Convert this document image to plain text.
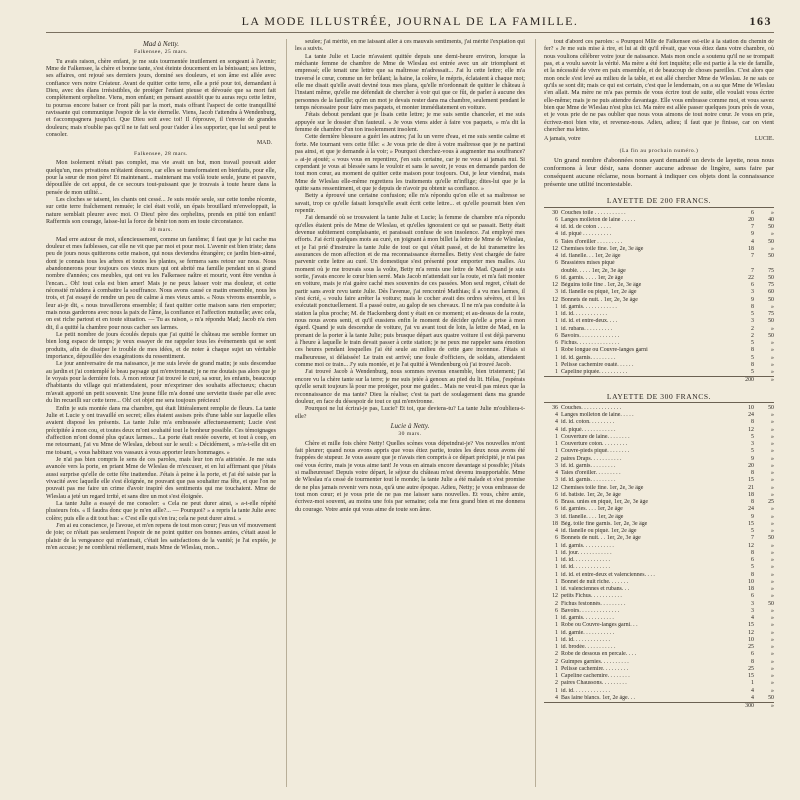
LA MODE ILLUSTRÉE, JOURNAL DE LA FAMILLE.	163

Mad à Netty.

Falkensee, 25 mars.

Tu avais raison, chère enfant, je me suis tourmentée inutilement en songeant à l'avenir; Mme de Falkensee, la chère et bonne tante, s'est éteinte doucement en la bénissant; ses lettres, ses affaires, ont rejoué ses derniers jours, dominé ses douleurs, et son âme est allée avec confiance vers notre Créateur. Avant de quitter cette terre, elle a prié pour toi, demandant à Dieu, avec des élans irrésistibles, de protéger l'enfant pieuse et dévouée que sa mort fait complètement orpheline. Viens, mon enfant; en pensant aussitôt que tu auras reçu cette lettre, tu pourras encore baiser ce front pâli par la mort, mais offrant l'aspect de cette tranquillité ravissante qui communique l'espoir de la vie éternelle. Viens, Jacob t'attendra à Wendenburg, et t'accompagnera jusqu'ici. Que Dieu soit avec toi! Il t'éprouve, il t'envoie de grandes douleurs; mais n'oublie pas qu'il ne te fait seul pour t'aider à les supporter, que lui seul peut te consoler.

MAD.

Falkensee, 28 mars.

Mon isolement n'était pas complet, ma vie avait un but, mon travail pouvait aider quelqu'un, mes privations m'étaient douces, car elles se transformaient en bienfaits, pour elle, pour la sœur de mon père! Et maintenant... maintenant ma voilà toute seule, jeune et pauvre, dépouillée de cet appui, de ce secours tout-puissant que je trouvais à toute heure dans la pensée de mon utilité...

Les cloches se taisent, les chants ont cessé... Je suis restée seule, sur cette tombe récente, sur cette terre fraîchement remuée; le ciel était voilé, un épais brouillard m'enveloppait, la nature semblait pleurer avec moi. O Dieu! père des orphelins, prends en pitié ton enfant! Raffermis son courage, laisse-lui la force de bénir ton nom en toute circonstance.

30 mars.

Mad erre autour de moi, silencieusement, comme un fantôme; il faut que je lui cache ma douleur et mes faiblesses, car elle ne vit que par moi et pour moi. L'avenir est bien triste; dans peu de jours nous quitterons cette maison, qui nous deviendra étrangère; ce jardin bien-aimé, dont je connais tous les arbres et toutes les plantes, se fermera sans retour sur nous. Nous abandonnerons pour toujours ces vieux murs qui ont abrité ma famille pendant un si grand nombre d'années; ces meubles, qui ont vu les Falkensee naître et mourir, vont être vendus à l'encan... Oh! tout cela est bien amer! Mais je ne peux laisser voir ma douleur, et cette nécessité m'aidera à combattre la souffrance. Nous avons causé ce matin ensemble, nous les trois, et j'ai essayé de rendre un peu de calme à mes vieux amis. « Nous vivrons ensemble, » leur ai-je dit, « nous travaillerons ensemble; il faut quitter cette maison sans rien emporter; mais nous garderons avec nous la paix de l'âme, la confiance et l'affection mutuelle; avec cela, on est riche partout et en toute situation. — Tu as raison, » m'a répondu Mad; Jacob n'a rien dit, il a quitté la chambre pour nous cacher ses larmes.

Le petit nombre de jours écoulés depuis que j'ai quitté le château me semble former un bien long espace de temps; je veux essayer de me rappeler tous les événements qui se sont produits, afin de dissiper le trouble de mes idées, et de noter à chaque sujet un véritable importance, dépouillée des exagérations du ressentiment.

Le jour anniversaire de ma naissance, je me suis levée de grand matin; je suis descendue au jardin et j'ai contemplé le beau paysage qui m'environnait; je ne me doutais pas alors que je le voyais pour la dernière fois. À mon retour j'ai trouvé le curé, sa sœur, les enfants, beaucoup d'habitants du village qui m'attendaient, pour m'exprimer des souhaits affectueux; chacun m'avait apporté un petit souvenir. Une jeune fille m'a donné une serviette tissée par elle avec du lin recueilli sur cette terre... Oh! cet objet me sera toujours précieux!

Enfin je suis montée dans ma chambre, qui était littéralement remplie de fleurs. La tante Julie et Lucie y ont travaillé en secret; elles étaient assises près d'une table sur laquelle elles avaient disposé les présents. La tante Julie m'a embrassée affectueusement; Lucie s'est précipitée à mon cou, et toutes deux m'ont souhaité tout le bonheur possible. Ces témoignages d'affection m'ont donné plus qu'aux larmes... La porte était restée ouverte, et tout à coup, en me retournant, j'ai vu Mme de Wleslau, debout sur le seuil: « Décidément, » m'a-t-elle dit en me toisant, « vous habituez vos vassaux à vous apporter leurs hommages. »

Je n'ai pas bien compris le sens de ces paroles, mais leur ton m'a attristée. Je me suis avancée vers la porte, en priant Mme de Wleslau de m'excuser, et en lui affirmant que j'étais aussi surprise qu'elle de cette fête inattendue. J'étais à peine à la porte, et j'ai été saisie par la vivacité avec laquelle elle s'est éloignée, ne pouvant que pas souhaiter ma fête, et que l'on ne pouvait pas me faire un crime d'avoir inspiré des sentiments qui me touchaient. Mme de Wleslau a jeté un regard irrité, et sans dire un mot s'est éloignée.

La tante Julie a essayé de me consoler: « Cela ne peut durer ainsi, » a-t-elle répété plusieurs fois. « Il faudra donc que je m'en aille?... — Pourquoi? » a repris la tante Julie avec colère; puis elle a dit tout bas: « C'est elle qui s'en ira; cela ne peut durer ainsi. »

J'en ai eu conscience, je l'avoue, et m'en repens de tout mon cœur; j'eus un vif mouvement de joie; ce n'était pas seulement l'espoir de ne point quitter ces bonnes amies, c'était aussi le plaisir de la vengeance qui m'animait, c'était les satisfactions de la vanité; je l'ai expiée, je m'en accuse; je ne comblerai réellement, mais Mme de Wleslau, mon...

seulee; j'ai mérité, en me laissant aller à ces mauvais sentiments, j'ai mérité l'expiation qui les a suivis.

La tante Julie et Lucie m'avaient quittée depuis une demi-heure environ, lorsque la méchante femme de chambre de Mme de Wleslau est entrée avec un air triomphant et empressé; elle tenait une lettre que sa maîtresse m'adressait... J'ai lu cette lettre; elle m'a traversé le cœur, comme un fer brûlant; la haine, la colère, le mépris, éclataient à chaque mot; elle me disait qu'elle avait deviné tous mes plans, qu'elle m'ordonnait de quitter le château à l'instant même, qu'elle me défendait de chercher à voir qui que ce fût, de parler à aucune des personnes de la famille; qu'en un mot je devais rester dans ma chambre, seulement pendant le temps nécessaire pour faire mes paquets, et monter immédiatement en voiture.

J'étais debout pendant que je lisais cette lettre; je me suis sentie chanceler, et me suis appuyée sur le dossier d'un fauteuil. « Je vous viens aider à faire vos paquets, » m'a dit la femme de chambre d'un ton insolemment insolent.

Cette dernière blessure a guéri les autres; j'ai lu un verre d'eau, et me suis sentie calme et forte. Me tournant vers cette fille: « Je vous prie de dire à votre maîtresse que je ne partirai pas ainsi, et que je demande à la voir; » Pourquoi cherchez-vous à augmenter ma souffrance? » ai-je ajouté; « vous vous en repentirez, j'en suis certaine, car je ne vous ai jamais nui. Si cependant je vous ai blessée sans le vouloir et sans le savoir, je vous en demande pardon de tout mon cœur, au moment de quitter cette maison pour toujours. Oui, je leur viendrai, mais Mme de Wleslau elle-même regrettera les traitements qu'elle m'inflige; dites-lui que je la quitte sans ressentiment, et que je depuis de n'avoir pu obtenir sa confiance. »

Betty a éprouvé une certaine confusion; elle m'a répondu qu'on elle et sa maîtresse se savait, trop ce qu'elle faisait lorsqu'elle avait écrit cette lettre... et qu'elle pourrait bien s'en repentir.

J'ai demandé où se trouvaient la tante Julie et Lucie; la femme de chambre m'a répondu qu'elles étaient près de Mme de Wleslau, et qu'elles ignoraient ce qui se passait. Betty était devenue subitement complaisante, et paraissait confuse de son insolence. J'ai employé mes efforts. J'ai écrit quelques mots au curé, en joignant à mon billet la lettre de Mme de Wleslau, et je l'ai prié d'instruire la tante Julie de tout ce qui s'était passé, et de lui transmettre les assurances de mon affection et de ma reconnaissance éternelles. Betty s'est chargée de faire parvenir cette lettre au curé. Un domestique s'est présenté pour emporter mes malles. Au moment où je me trouvais sous la voûte, Betty m'a remis une lettre de Mad. Quand je suis sortie, j'avais encore le cœur bien serré. Mais Jacob m'attendait sur la route, et m'a fait monter en voiture, mais je n'ai guère caché mes souvenirs de ces passées. Mon seul regret, c'était de partir sans avoir revu tante Julie. Dès l'avenue, j'ai rencontré Matthias; il a vu mes larmes, il s'est écrié, « voulu faire arrêter la voiture; mais le cocher avait des ordres sévères, et il les exécutait ponctuellement. Il a passé outre, au galop de ses chevaux. Il ne m'a pas conduite à la station la plus proche; M. de Hackenberg dont y était en ce moment; et au-dessus de la route, nous nous avons senti, et qu'il eussiens enfin le moment de décider qu'elle a prise à mon égard. Quand je suis descendue de voiture, j'ai vu avant tout de loin, la lettre de Mad, en la prenant de la porter à la tante Julie; puis brusque départ aux quatre voiture il est déjà parvenu à l'heure à laquelle le train devait passer à cette station; je ne peux me rappeler sans émotion ces heures pendant lesquelles j'ai été seule au milieu de cette gare inconnue. J'étais si malheureuse, si délaissée! Le train est arrivé; une foule d'officiers, de soldats, attendaient comme moi ce train... J'y suis montée, et je l'ai quitté à Wendenburg où j'ai trouvé Jacob.

J'ai trouvé Jacob à Wendenburg, nous sommes revenus ensemble, bien tristement; j'ai encore vu la chère tante sur la terre; je me suis jetée à genoux au pied du lit. Hélas, j'espérais qu'elle serait toujours là pour me protéger, pour me guider... Mais ne veut-il pas mieux que la reconnaissance de ma tante? Dieu la réalise; c'est ta part de soulagement dans ma grande douleur, en face du désespoir de tout ce qui m'environne.

Pourquoi ne lui écrirai-je pas, Lucie? Et toi, que deviens-tu? La tante Julie m'oubliera-t-elle?

Lucie à Netty.

30 mars.

Chère et mille fois chère Netty! Quelles scènes vous dépeindrai-je? Vos nouvelles m'ont fait pleurer; quand nous avons appris que vous étiez partie, toutes les deux nous avons été frappées de stupeur. Je vous assure que je n'avais rien compris à ce départ précipité, je n'ai pas osé vous écrire, mais je vous aime tant! Je vous en aimais encore davantage si possible; j'étais si malheureuse! Depuis votre départ, le séjour du château m'est devenu insupportable. Mme de Wleslau n'a cessé de tourmenter tout le monde; la tante Julie a été malade et s'est promise de ne plus jamais revenir vers nous, qu'à une autre époque. Adieu, Netty; je vous embrasse de tout mon cœur; et je vous prie de ne pas me laisser sans nouvelles. Et vous, chère amie, écrivez-moi souvent, au moins une fois par semaine; cela me fera grand bien et me donnera du courage. Votre amie qui vous aime de toute son âme.

tout d'abord ces paroles: « Pourquoi Mlle de Falkensee est-elle à la station du chemin de fer? » Je me suis mise à rire, et lui ai dit qu'il rêvait, que vous étiez dans votre chambre, où nous voulions célébrer votre jour de naissance. Mais mon oncle a soutenu qu'il ne se trompait pas, et a voulu savoir la vérité. Ma mère a été fort inquiète; elle est partie à la vie de famille, et la nécessité de vivre en paix ensemble, et de beaucoup de choses pareilles. C'est alors que mon oncle s'est levé au milieu de la table, et est allé chercher Mme de Wleslau. Je ne sais ce qu'ils se sont dit; mais ce qui est certain, c'est que le lendemain, on a su que Mme de Wleslau s'en allait. Ma mère ne m'a pas permis de vous écrire tout de suite, elle voulait vous écrire elle-même; mais je ne puis attendre davantage. Elle vous embrasse comme moi, et vous savez bien que Mme de Wleslau n'est plus ici. Ma mère est allée passer quelques jours près de vous, et je vous prie de ne pas oublier que nous vous aimons de tout notre cœur. Je vous en prie, écrivez-moi bien vite, et revenez-nous. Adieu, adieu; il faut que je finisse, car on vient chercher ma lettre.

A jamais, votre	LUCIE.

(La fin au prochain numéro.)

Un grand nombre d'abonnées nous ayant demandé un devis de layette, nous nous conformons à leur désir, sans donner aucune adresse de lingère, sans faire par conséquent aucune réclame, nous bornant à indiquer ces objets dont la connaissance présente une utilité incontestable.

LAYETTE DE 200 FRANCS.
30	Couches toile . . . . . . . . . . .	6	»
6	Langes molleton de laine . . . . .	20	40
4	id. id. de coton . . . . .	7	50
4	id. piqué . . . . . . . . . .	9	»
6	Taies d'oreiller . . . . . . . . .	4	50
12	Chemises toile fine. 1er, 2e, 3e âge	18	»
4	id. flanelle. . . 1er, 2e âge	7	50
6	Brassières mises piqué		
	doublé. . . . . 1er, 2e, 3e âge	7	75
6	id. garnis. . . . . 1er, 2e âge	22	50
12	Béguins toile fine . 1er, 2e, 3e âge	6	75
3	id. flanelle ou piqué, 1er, 2e âge	3	60
12	Bonnets de nuit. . 1er, 2e, 3e âge	9	50
1	id. garnis. . . . . . . . . . . .	8	»
1	id. id. . . . . . . . . . . .	5	75
1	id. id. et entre-deux. . . .	3	50
1	id. rubans. . . . . . . . . .	2	»
6	Bavoirs. . . . . . . . . . . . . .	2	50
6	Fichus. . . . . . . . . . . . . . .	5	»
1	Robe longue ou Couvre-langes garni	8	»
1	id. id. garnis. . . . . . . . .	5	»
1	Pelisse cachemire ouaté. . . . . .	8	»
1	Capeline piquée. . . . . . . . . .	5	»
		200	»
LAYETTE DE 300 FRANCS.
36	Couches. . . . . . . . . . . . . .	10	50
4	Langes molleton de laine. . . . .	24	»
4	id. id. coton. . . . . . . . .	8	»
4	id. piqué. . . . . . . . . . . .	12	»
1	Couverture de laine. . . . . . . .	5	»
1	Couverture coton. . . . . . . . .	3	»
1	Couvre-pieds piqué. . . . . . . .	5	»
2	paires Draps. . . . . . . . . . .	9	»
3	id. id. garnis. . . . . . . . .	20	»
4	Taies d'oreiller. . . . . . . . .	8	»
3	id. id. garnis. . . . . . . . .	15	»
12	Chemises toile fine. 1er, 2e, 3e âge	21	»
6	id. batiste. 1er, 2e, 3e âge	18	»
6	Brass. unies en piqué, 1er, 2e, 3e âge	8	25
6	id. garnies. . . . 1er, 2e âge	24	»
3	id. flanelle. . . . 1er, 2e âge	9	»
18	Bég. toile fine garnis. 1er, 2e, 3e âge	15	»
4	id. flanelle ou piqué. 1er, 2e âge	5	»
6	Bonnets de nuit. . . 1er, 2e, 3e âge	7	50
1	id. garnis. . . . . . . . . . .	12	»
1	id. jour. . . . . . . . . . . .	8	»
1	id. id. . . . . . . . . . . . .	6	»
1	id. id. . . . . . . . . . . . .	5	»
1	id. id. et entre-deux et valenciennes. . . .	8	»
1	Bonnet de nuit riche. . . . . . .	10	»
1	id. valenciennes et rubans. . .	18	»
12	petits Fichus. . . . . . . . . . .	6	»
2	Fichus festonnés. . . . . . . . .	3	50
6	Bavoirs. . . . . . . . . . . . . .	3	»
1	id. garnis. . . . . . . . . . .	4	»
1	Robe ou Couvre-langes garni. . .	15	»
1	id. garnie. . . . . . . . . . .	12	»
1	id. id. . . . . . . . . . . . .	10	»
1	id. brodée. . . . . . . . . . .	25	»
2	Robe de dessous en percale. . . .	6	»
2	Guimpes garnies. . . . . . . . . .	8	»
1	Pelisse cachemire. . . . . . . . .	25	»
1	Capeline cachemire. . . . . . . .	15	»
2	paires Chaussons. . . . . . . . .	1	»
1	id. id. . . . . . . . . . . . .	4	»
4	Bas laine blancs. 1er, 2e âge. . .	4	50
		300	»
